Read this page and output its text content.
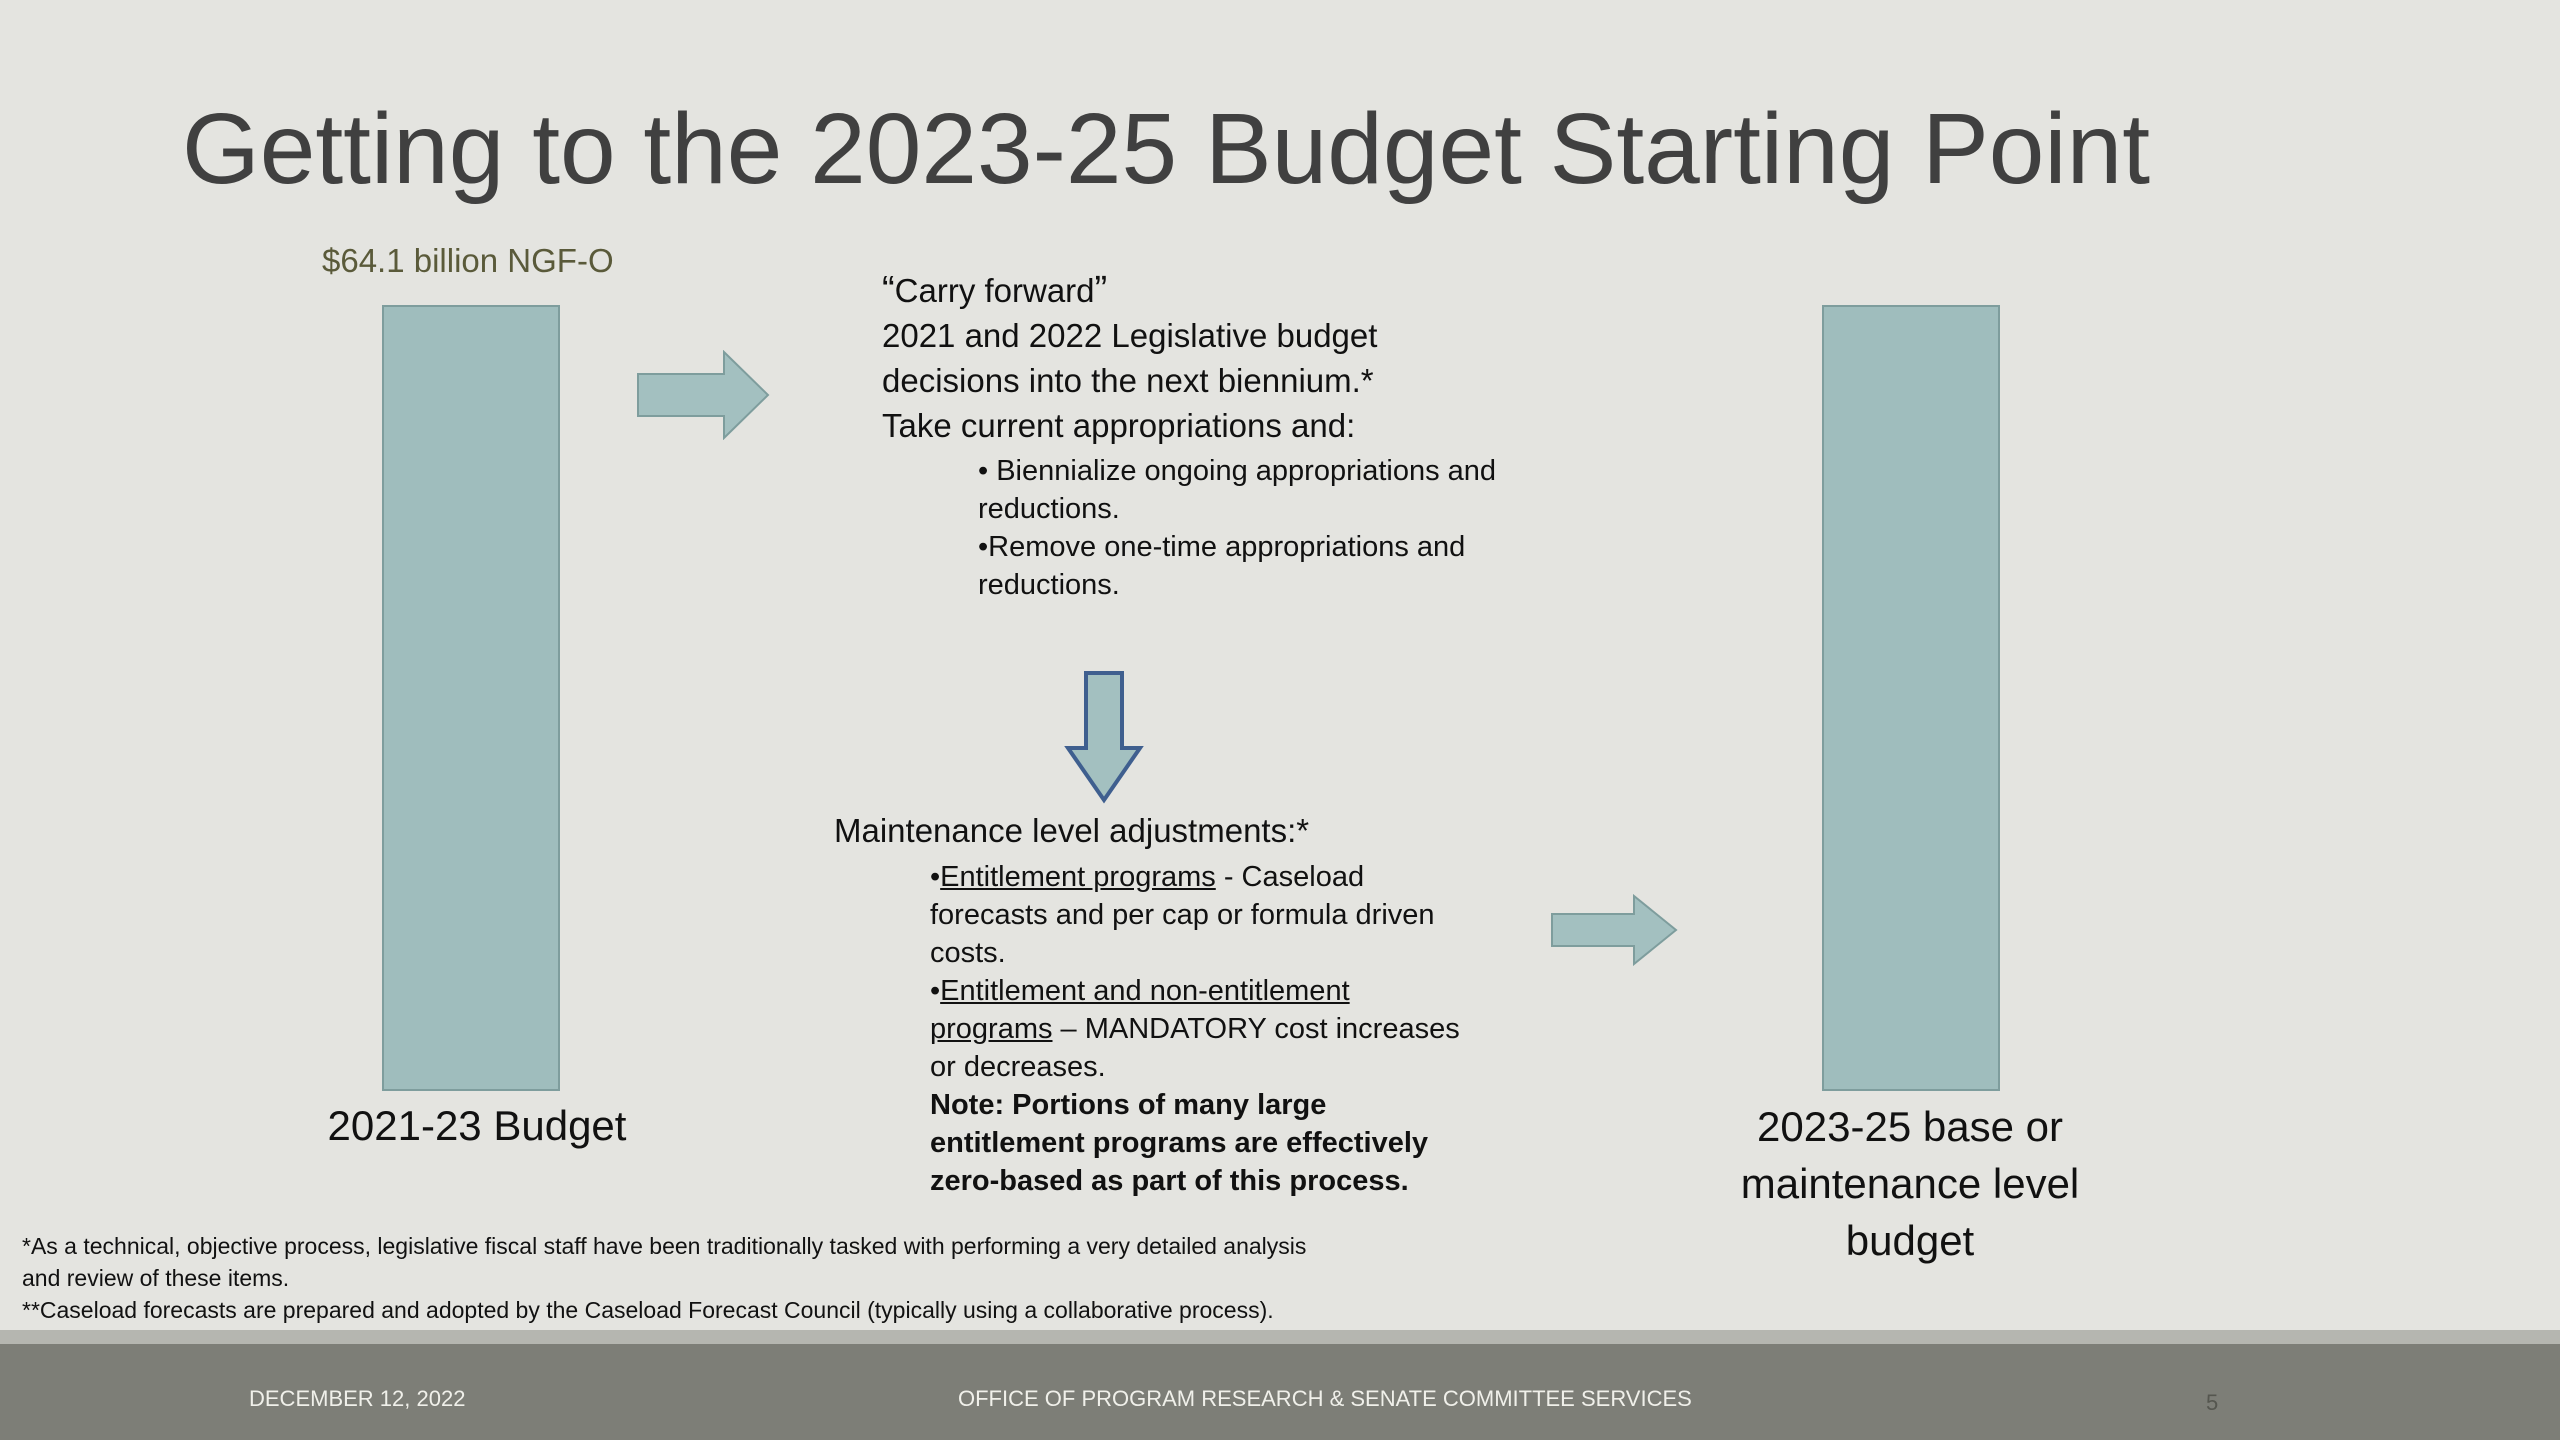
Getting to the 2023-25 Budget Starting Point
$64.1 billion NGF-O
2021-23 Budget	2023-25 base or maintenance level budget
“Carry forward”
2021 and 2022 Legislative budget
decisions into the next biennium.*
Take current appropriations and:
• Biennialize ongoing appropriations and reductions.
•Remove one-time appropriations and reductions.
Maintenance level adjustments:*
•Entitlement programs - Caseload forecasts and per cap or formula driven costs.
•Entitlement and non-entitlement programs – MANDATORY cost increases or decreases.
Note: Portions of many large entitlement programs are effectively zero-based as part of this process.
*As a technical, objective process, legislative fiscal staff have been traditionally tasked with performing a very detailed analysis and review of these items.
**Caseload forecasts are prepared and adopted by the Caseload Forecast Council (typically using a collaborative process).
DECEMBER 12, 2022	OFFICE OF PROGRAM RESEARCH & SENATE COMMITTEE SERVICES	5
